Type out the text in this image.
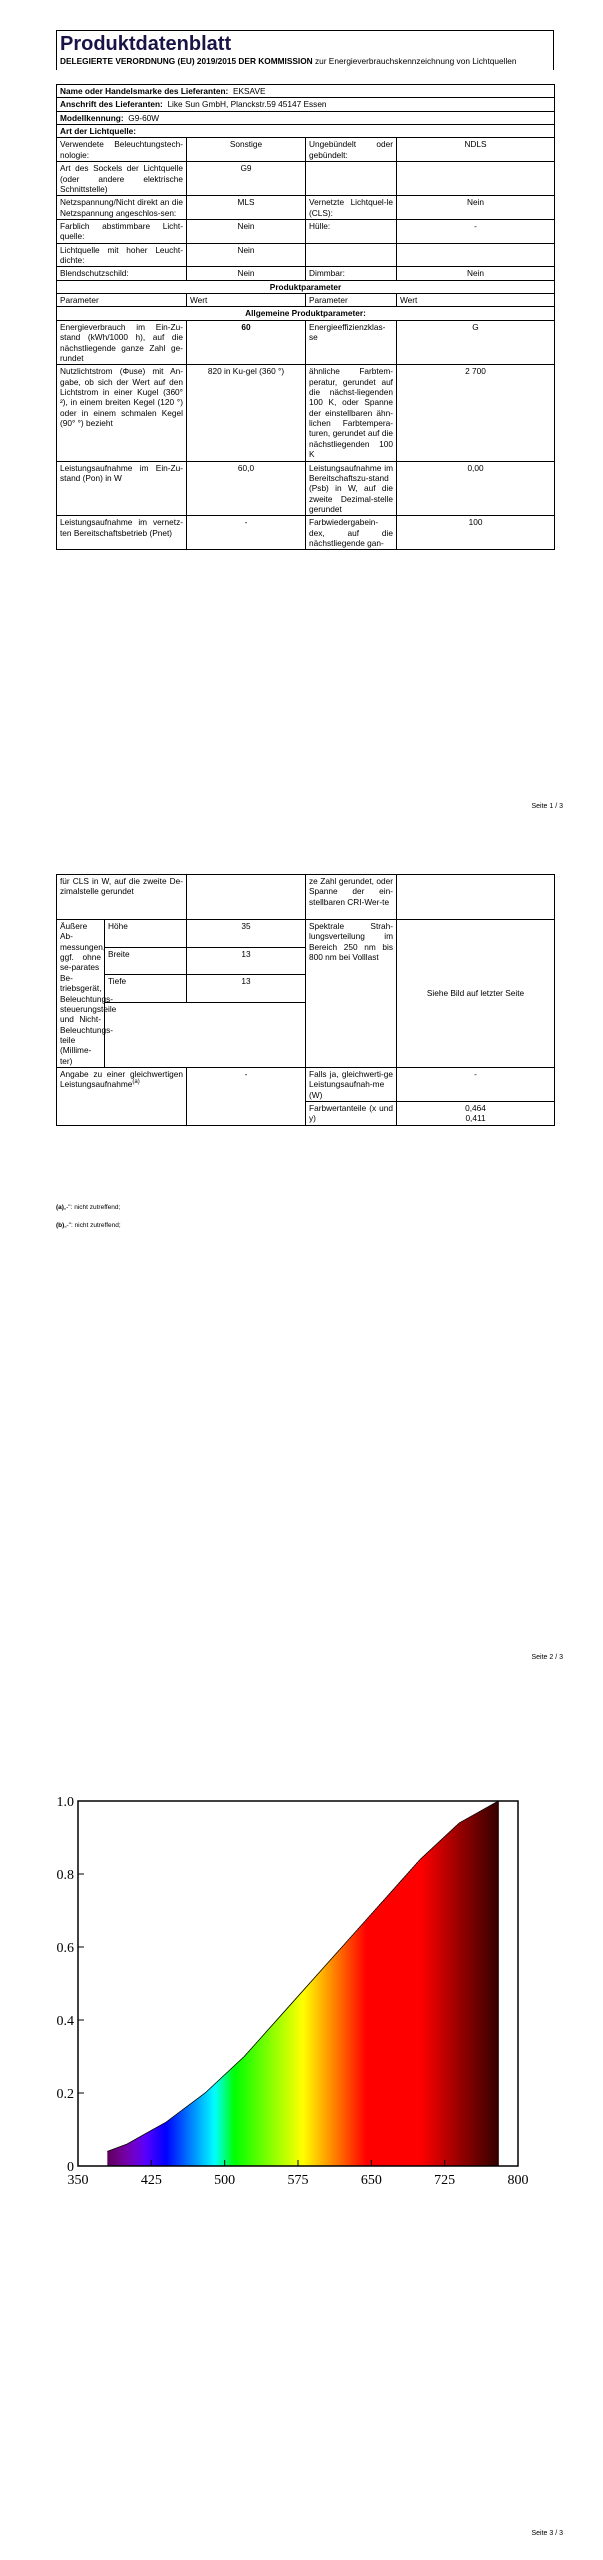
Produktdatenblatt
DELEGIERTE VERORDNUNG (EU) 2019/2015 DER KOMMISSION zur Energieverbrauchskennzeichnung von Lichtquellen
Name oder Handelsmarke des Lieferanten: EKSAVE			
Anschrift des Lieferanten: Like Sun GmbH, Planckstr.59 45147 Essen			
Modellkennung: G9-60W			
Art der Lichtquelle:			
Verwendete Beleuchtungstech-nologie:	Sonstige	Ungebündelt oder gebündelt:	NDLS
Art des Sockels der Lichtquelle (oder andere elektrische Schnittstelle)	G9		
Netzspannung/Nicht direkt an die Netzspannung angeschlos-sen:	MLS	Vernetzte Lichtquel-le (CLS):	Nein
Farblich abstimmbare Licht-quelle:	Nein	Hülle:	-
Lichtquelle mit hoher Leucht-dichte:	Nein		
Blendschutzschild:	Nein	Dimmbar:	Nein
Produktparameter			
Parameter	Wert	Parameter	Wert
Allgemeine Produktparameter:			
Energieverbrauch im Ein-Zu-stand (kWh/1000 h), auf die nächstliegende ganze Zahl ge-rundet	60	Energieeffizienzklas-se	G
Nutzlichtstrom (Φuse) mit An-gabe, ob sich der Wert auf den Lichtstrom in einer Kugel (360° ²), in einem breiten Kegel (120 °) oder in einem schmalen Kegel (90° °) bezieht	820 in Ku-gel (360 °)	ähnliche Farbtem-peratur, gerundet auf die nächst-liegenden 100 K, oder Spanne der einstellbaren ähn-lichen Farbtempera-turen, gerundet auf die nächstliegenden 100 K	2 700
Leistungsaufnahme im Ein-Zu-stand (Pon) in W	60,0	Leistungsaufnahme im Bereitschaftszu-stand (Psb) in W, auf die zweite Dezimal-stelle gerundet	0,00
Leistungsaufnahme im vernetz-ten Bereitschaftsbetrieb (Pnet)	-	Farbwiedergabein-dex, auf die nächstliegende gan-	100
Seite 1 / 3
für CLS in W, auf die zweite De-zimalstelle gerundet			ze Zahl gerundet, oder Spanne der ein-stellbaren CRI-Wer-te	
Äußere Ab-messungen, ggf. ohne se-parates Be-triebsgerät, Beleuchtungs-steuerungsteile und Nicht-Beleuchtungs-teile (Millime-ter)	Höhe	35	Spektrale Strah-lungsverteilung im Bereich 250 nm bis 800 nm bei Volllast	Siehe Bild auf letzter Seite
	Breite	13		
	Tiefe	13		

Angabe zu einer gleichwertigen Leistungsaufnahme$^{(a)}$		-	Falls ja, gleichwerti-ge Leistungsaufnah-me (W)	-
			Farbwertanteile (x und y)	0,464
0,411
(a)„-": nicht zutreffend;
(b)„-": nicht zutreffend;
Seite 2 / 3
350	425	500	575	650	725	800
0
0.2
0.4
0.6
0.8
1.0
Seite 3 / 3
